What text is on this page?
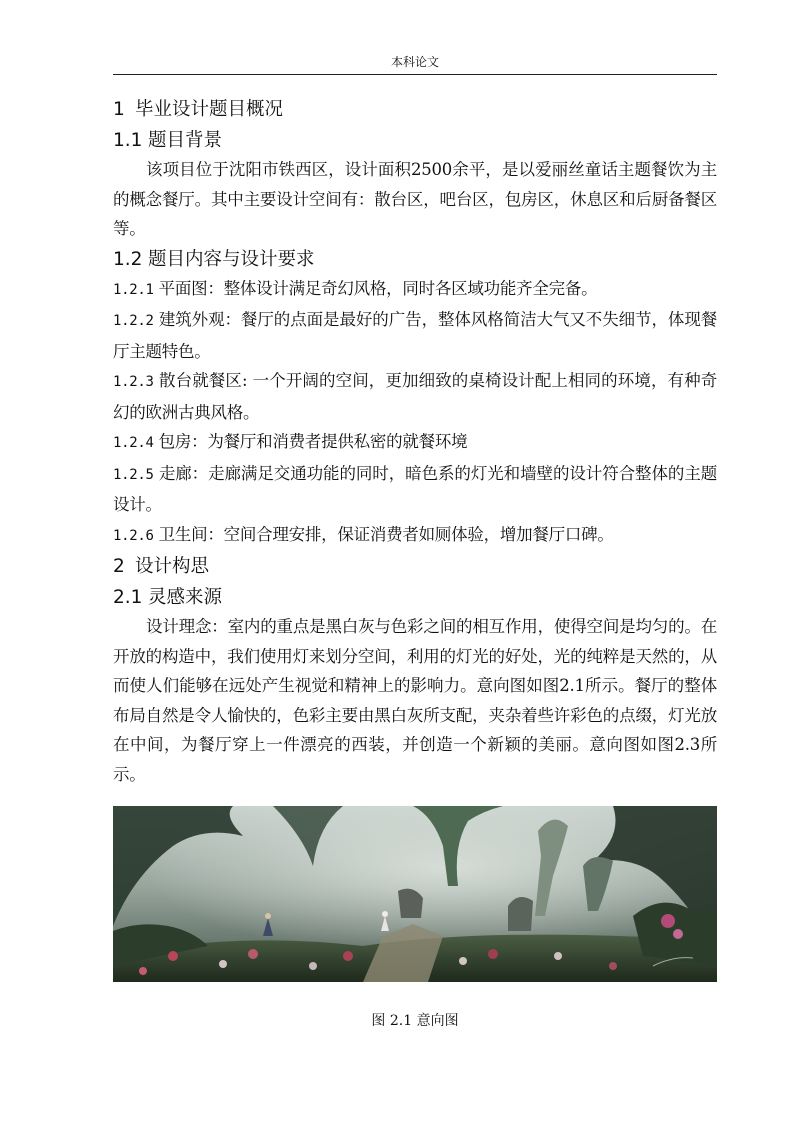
本科论文
1 毕业设计题目概况
1.1 题目背景

该项目位于沈阳市铁西区，设计面积2500余平，是以爱丽丝童话主题餐饮为主的概念餐厅。其中主要设计空间有：散台区，吧台区，包房区，休息区和后厨备餐区等。

1.2 题目内容与设计要求

1.2.1 平面图：整体设计满足奇幻风格，同时各区域功能齐全完备。

1.2.2 建筑外观：餐厅的点面是最好的广告，整体风格简洁大气又不失细节，体现餐厅主题特色。

1.2.3 散台就餐区: 一个开阔的空间，更加细致的桌椅设计配上相同的环境，有种奇幻的欧洲古典风格。

1.2.4 包房：为餐厅和消费者提供私密的就餐环境

1.2.5 走廊：走廊满足交通功能的同时，暗色系的灯光和墙壁的设计符合整体的主题设计。

1.2.6 卫生间：空间合理安排，保证消费者如厕体验，增加餐厅口碑。

2 设计构思
2.1 灵感来源

设计理念：室内的重点是黑白灰与色彩之间的相互作用，使得空间是均匀的。在开放的构造中，我们使用灯来划分空间，利用的灯光的好处，光的纯粹是天然的，从而使人们能够在远处产生视觉和精神上的影响力。意向图如图2.1所示。餐厅的整体布局自然是令人愉快的，色彩主要由黑白灰所支配，夹杂着些许彩色的点缀，灯光放在中间，为餐厅穿上一件漂亮的西装，并创造一个新颖的美丽。意向图如图2.3所示。

图 2.1 意向图
